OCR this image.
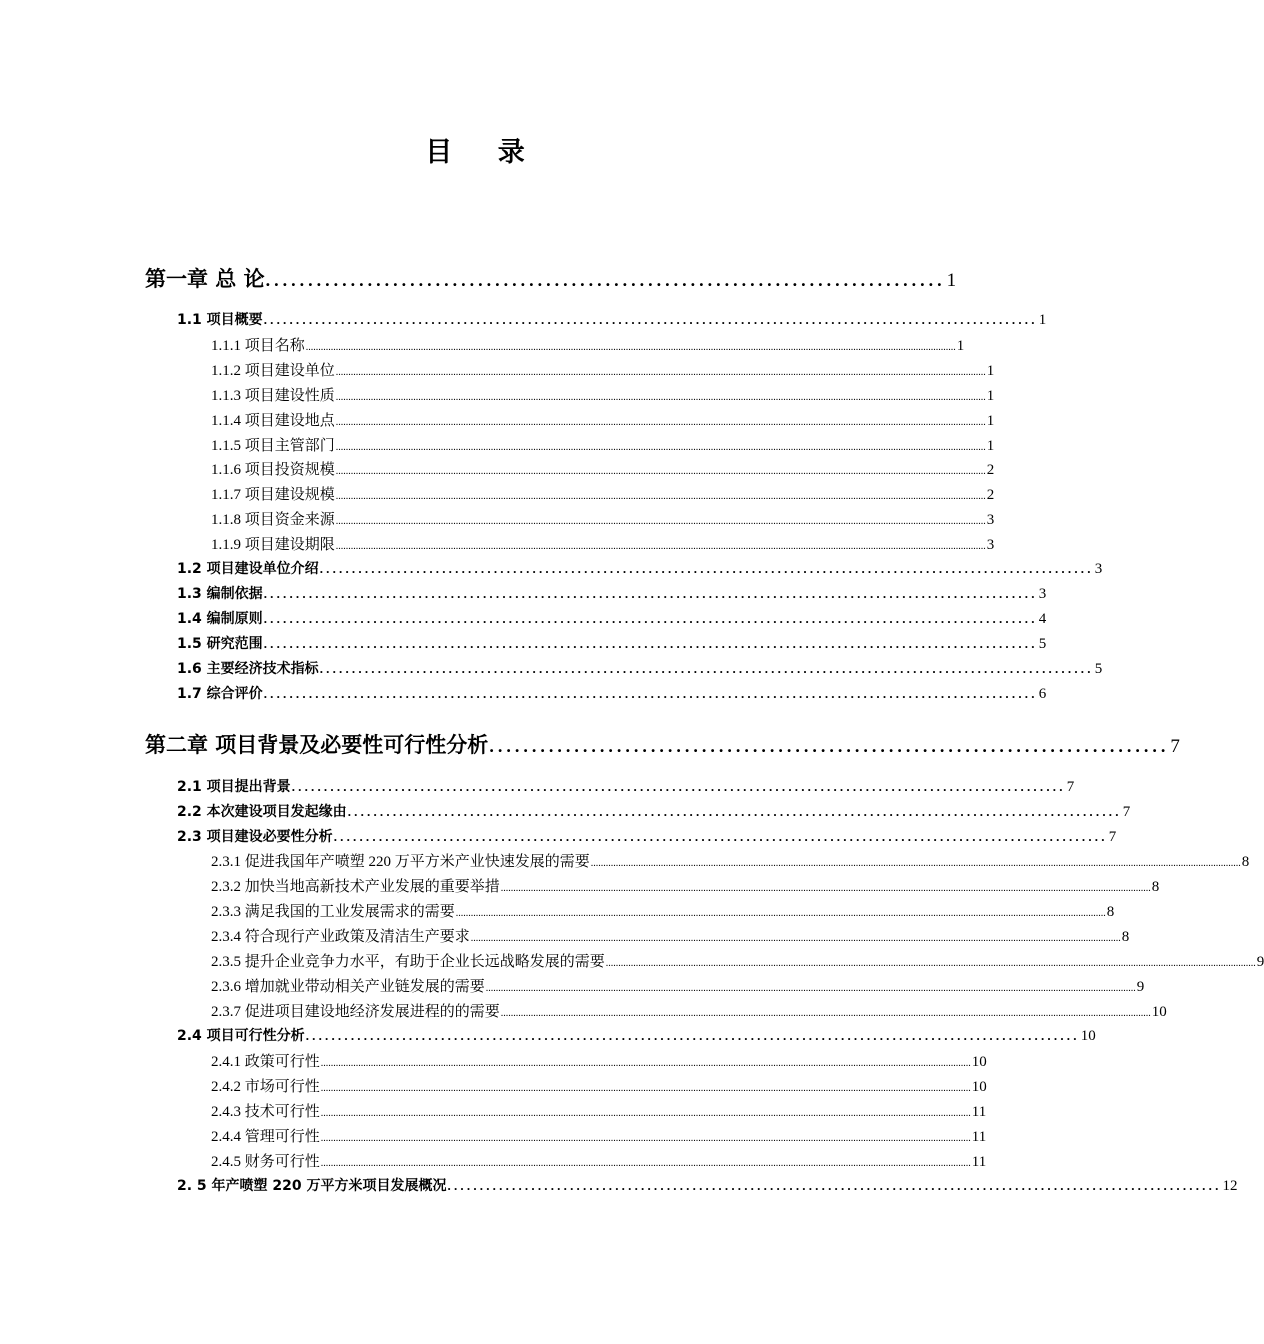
目 录
第一章 总 论 ................................................................................ 1
1.1 项目概要 ........................................................................................................................ 1
1.1.1 项目名称 .................................................................................................................................................................................................................................................................... 1
1.1.2 项目建设单位 .................................................................................................................................................................................................................................................................... 1
1.1.3 项目建设性质 .................................................................................................................................................................................................................................................................... 1
1.1.4 项目建设地点 .................................................................................................................................................................................................................................................................... 1
1.1.5 项目主管部门 .................................................................................................................................................................................................................................................................... 1
1.1.6 项目投资规模 .................................................................................................................................................................................................................................................................... 2
1.1.7 项目建设规模 .................................................................................................................................................................................................................................................................... 2
1.1.8 项目资金来源 .................................................................................................................................................................................................................................................................... 3
1.1.9 项目建设期限 .................................................................................................................................................................................................................................................................... 3
1.2 项目建设单位介绍 ........................................................................................................................ 3
1.3 编制依据 ........................................................................................................................ 3
1.4 编制原则 ........................................................................................................................ 4
1.5 研究范围 ........................................................................................................................ 5
1.6 主要经济技术指标 ........................................................................................................................ 5
1.7 综合评价 ........................................................................................................................ 6
第二章 项目背景及必要性可行性分析 ................................................................................ 7
2.1 项目提出背景 ........................................................................................................................ 7
2.2 本次建设项目发起缘由 ........................................................................................................................ 7
2.3 项目建设必要性分析 ........................................................................................................................ 7
2.3.1 促进我国年产喷塑 220 万平方米产业快速发展的需要 .................................................................................................................................................................................................................................................................... 8
2.3.2 加快当地高新技术产业发展的重要举措 .................................................................................................................................................................................................................................................................... 8
2.3.3 满足我国的工业发展需求的需要 .................................................................................................................................................................................................................................................................... 8
2.3.4 符合现行产业政策及清洁生产要求 .................................................................................................................................................................................................................................................................... 8
2.3.5 提升企业竞争力水平，有助于企业长远战略发展的需要 .................................................................................................................................................................................................................................................................... 9
2.3.6 增加就业带动相关产业链发展的需要 .................................................................................................................................................................................................................................................................... 9
2.3.7 促进项目建设地经济发展进程的的需要 .................................................................................................................................................................................................................................................................... 10
2.4 项目可行性分析 ........................................................................................................................ 10
2.4.1 政策可行性 .................................................................................................................................................................................................................................................................... 10
2.4.2 市场可行性 .................................................................................................................................................................................................................................................................... 10
2.4.3 技术可行性 .................................................................................................................................................................................................................................................................... 11
2.4.4 管理可行性 .................................................................................................................................................................................................................................................................... 11
2.4.5 财务可行性 .................................................................................................................................................................................................................................................................... 11
2. 5 年产喷塑 220 万平方米项目发展概况 ........................................................................................................................ 12
